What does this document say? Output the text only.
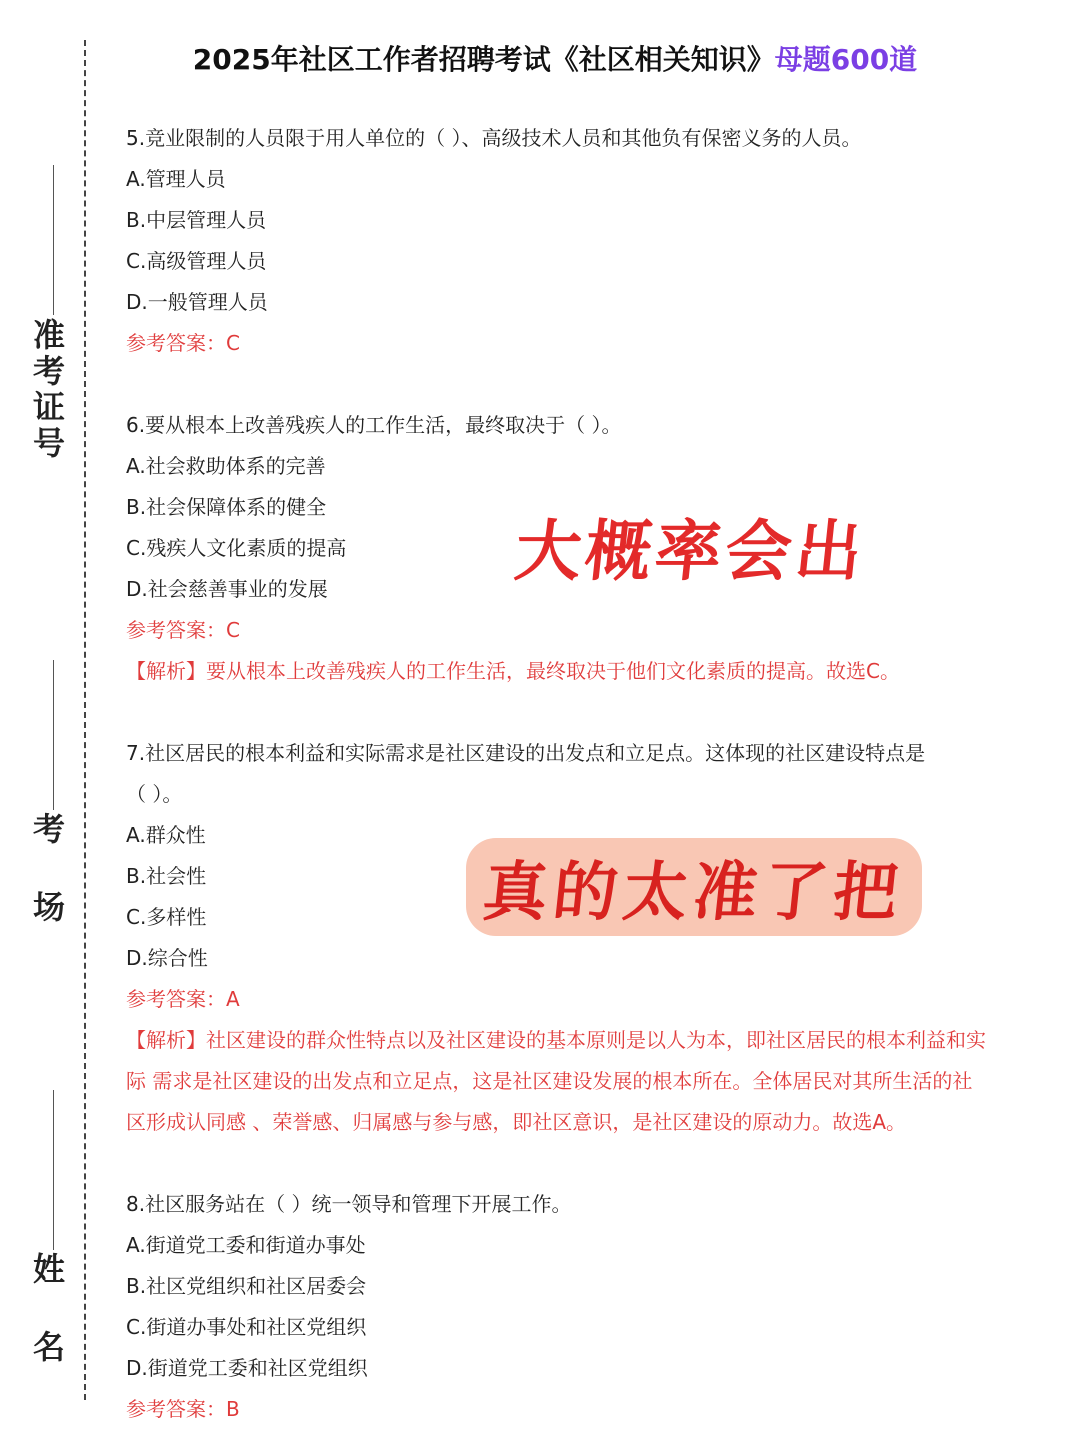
准考证号
考 场
姓 名
2025年社区工作者招聘考试《社区相关知识》母题600道
5.竞业限制的人员限于用人单位的（ ）、高级技术人员和其他负有保密义务的人员。
A.管理人员
B.中层管理人员
C.高级管理人员
D.一般管理人员
参考答案：C
6.要从根本上改善残疾人的工作生活，最终取决于（ ）。
A.社会救助体系的完善
B.社会保障体系的健全
C.残疾人文化素质的提高
D.社会慈善事业的发展
参考答案：C
【解析】要从根本上改善残疾人的工作生活，最终取决于他们文化素质的提高。故选C。
7.社区居民的根本利益和实际需求是社区建设的出发点和立足点。这体现的社区建设特点是
（ ）。
A.群众性
B.社会性
C.多样性
D.综合性
参考答案：A
【解析】社区建设的群众性特点以及社区建设的基本原则是以人为本，即社区居民的根本利益和实
际 需求是社区建设的出发点和立足点，这是社区建设发展的根本所在。全体居民对其所生活的社
区形成认同感 、荣誉感、归属感与参与感，即社区意识，是社区建设的原动力。故选A。
8.社区服务站在（ ）统一领导和管理下开展工作。
A.街道党工委和街道办事处
B.社区党组织和社区居委会
C.街道办事处和社区党组织
D.街道党工委和社区党组织
参考答案：B
大概率会出
真的太准了把
